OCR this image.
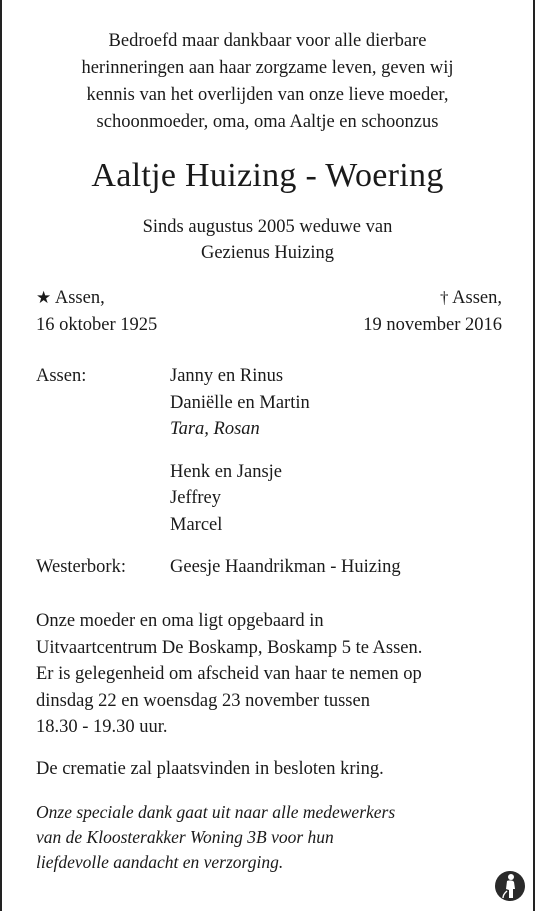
Bedroefd maar dankbaar voor alle dierbare
herinneringen aan haar zorgzame leven, geven wij
kennis van het overlijden van onze lieve moeder,
schoonmoeder, oma, oma Aaltje en schoonzus
Aaltje Huizing - Woering
Sinds augustus 2005 weduwe van
Gezienus Huizing
★ Assen,
16 oktober 1925
† Assen,
19 november 2016
Assen:	Janny en Rinus
Daniëlle en Martin
Tara, Rosan
Henk en Jansje
Jeffrey
Marcel
Westerbork: Geesje Haandrikman - Huizing
Onze moeder en oma ligt opgebaard in
Uitvaartcentrum De Boskamp, Boskamp 5 te Assen.
Er is gelegenheid om afscheid van haar te nemen op
dinsdag 22 en woensdag 23 november tussen
18.30 - 19.30 uur.
De crematie zal plaatsvinden in besloten kring.
Onze speciale dank gaat uit naar alle medewerkers
van de Kloosterakker Woning 3B voor hun
liefdevolle aandacht en verzorging.
